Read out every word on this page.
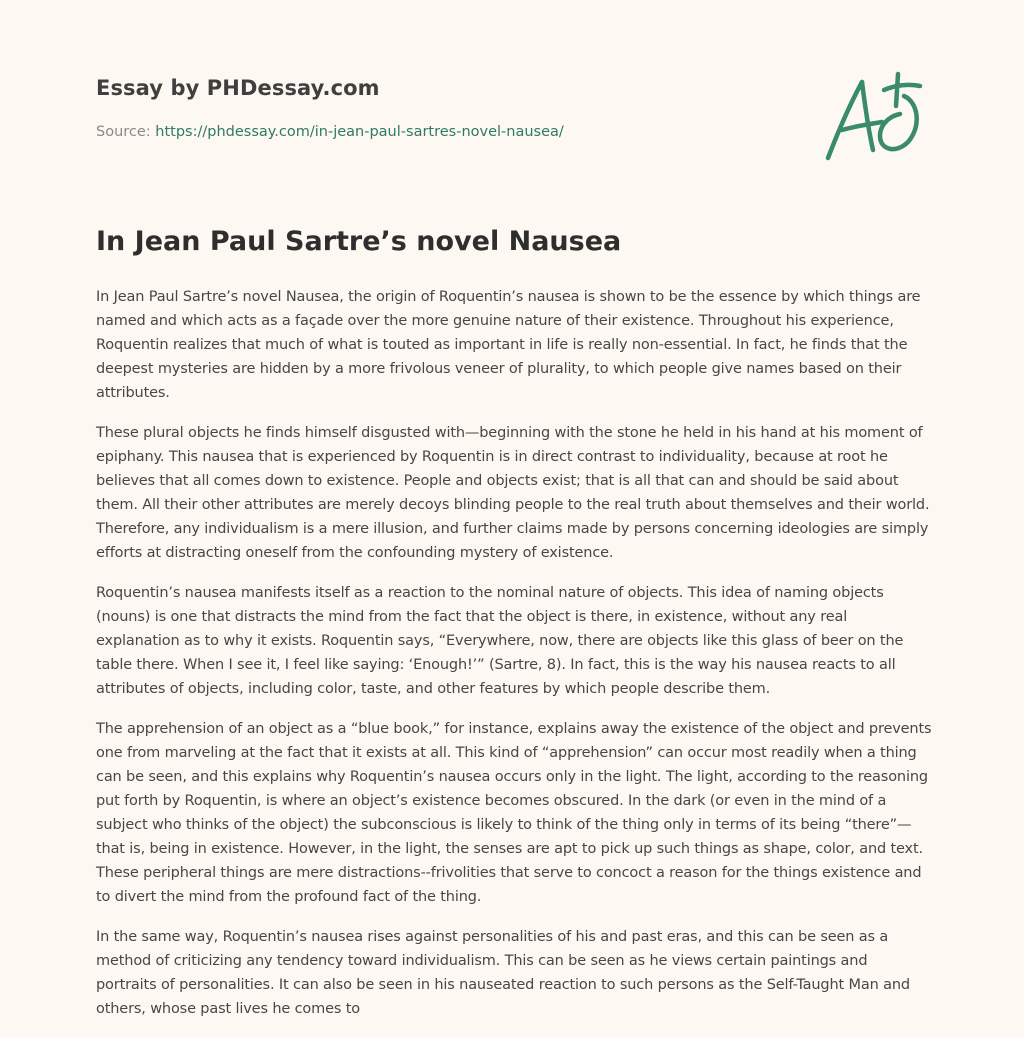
Essay by PHDessay.com

Source: https://phdessay.com/in-jean-paul-sartres-novel-nausea/

In Jean Paul Sartre’s novel Nausea

In Jean Paul Sartre’s novel Nausea, the origin of Roquentin’s nausea is shown to be the essence by which things are named and which acts as a façade over the more genuine nature of their existence. Throughout his experience, Roquentin realizes that much of what is touted as important in life is really non-essential. In fact, he finds that the deepest mysteries are hidden by a more frivolous veneer of plurality, to which people give names based on their attributes.

These plural objects he finds himself disgusted with—beginning with the stone he held in his hand at his moment of epiphany. This nausea that is experienced by Roquentin is in direct contrast to individuality, because at root he believes that all comes down to existence. People and objects exist; that is all that can and should be said about them. All their other attributes are merely decoys blinding people to the real truth about themselves and their world. Therefore, any individualism is a mere illusion, and further claims made by persons concerning ideologies are simply efforts at distracting oneself from the confounding mystery of existence.

Roquentin’s nausea manifests itself as a reaction to the nominal nature of objects. This idea of naming objects (nouns) is one that distracts the mind from the fact that the object is there, in existence, without any real explanation as to why it exists. Roquentin says, “Everywhere, now, there are objects like this glass of beer on the table there. When I see it, I feel like saying: ‘Enough!’” (Sartre, 8). In fact, this is the way his nausea reacts to all attributes of objects, including color, taste, and other features by which people describe them.

The apprehension of an object as a “blue book,” for instance, explains away the existence of the object and prevents one from marveling at the fact that it exists at all. This kind of “apprehension” can occur most readily when a thing can be seen, and this explains why Roquentin’s nausea occurs only in the light. The light, according to the reasoning put forth by Roquentin, is where an object’s existence becomes obscured. In the dark (or even in the mind of a subject who thinks of the object) the subconscious is likely to think of the thing only in terms of its being “there”—that is, being in existence. However, in the light, the senses are apt to pick up such things as shape, color, and text. These peripheral things are mere distractions--frivolities that serve to concoct a reason for the things existence and to divert the mind from the profound fact of the thing.

In the same way, Roquentin’s nausea rises against personalities of his and past eras, and this can be seen as a method of criticizing any tendency toward individualism. This can be seen as he views certain paintings and portraits of personalities. It can also be seen in his nauseated reaction to such persons as the Self-Taught Man and others, whose past lives he comes to
